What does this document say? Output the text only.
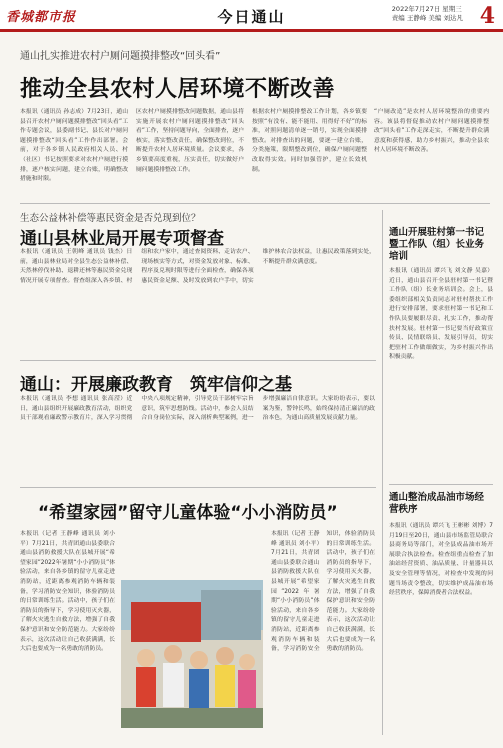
香城都市报	今日通山	2022年7月27日 星期三
责编 王静峰 美编 刘达凡 4
通山扎实推进农村户厕问题摸排整改“回头看”
推动全县农村人居环境不断改善
本报讯（通讯员 孙志成）7月23日，通山县召开农村户厕问题摸排整改“回头看”工作专题会议，县委副书记、县长对户厕问题摸排整改“回头看”工作作出部署。会前，对于各乡镇人民政府相关人员、村（社区）书记按照要求对农村户厕进行摸排，逐户核实问题，建立台账，明确整改措施和时限。
区农村户厕摸排整改问题数据，通山县将实施开展农村户厕问题摸排整改“回头看”工作，坚持问题导向，全面排查，逐户核实，落实整改责任，确保整改到位，不断提升农村人居环境质量。会议要求，各乡镇要高度重视，压实责任，切实做好户厕问题摸排整改工作。
根据农村户厕摸排整改工作计划，各乡镇要按照“有没有、能不能用、用得好不好”的标准，对照问题清单逐一销号，实现全面摸排整改。对排查出的问题，要逐一建立台账，分类施策，限期整改到位，确保户厕问题整改取得实效。同时加强管护，建立长效机制。
“户厕改造”是农村人居环境整治的重要内容。该县将督促推动农村户厕问题摸排整改“回头看”工作走深走实，不断提升群众满意度和获得感，助力乡村振兴，推动全县农村人居环境不断改善。
生态公益林补偿等惠民资金是否兑现到位？
通山县林业局开展专项督查
本报讯（通讯员 王朝峰 通讯员 钱杰）日前，通山县林业局对全县生态公益林补偿、天然林停伐补助、退耕还林等惠民资金兑现情况开展专项督查。督查组深入各乡镇、村组和农户家中，通过查阅资料、走访农户、现场核实等方式，对资金发放对象、标准、程序及兑现时限等进行全面检查，确保各项惠民资金足额、及时发放到农户手中，切实维护林农合法权益，让惠民政策落到实处，不断提升群众满意度。
通山：开展廉政教育　筑牢信仰之基
本报讯（通讯员 李想 通讯员 张高滢）近日，通山县组织开展廉政教育活动，组织党员干部观看廉政警示教育片，深入学习贯彻中央八项规定精神，引导党员干部树牢宗旨意识，筑牢思想防线。活动中，参会人员结合自身岗位实际，深入剖析典型案例，进一步增强廉洁自律意识。大家纷纷表示，要以案为鉴，警钟长鸣，始终保持清正廉洁的政治本色，为通山高质量发展贡献力量。
“希望家园”留守儿童体验“小小消防员”
本报讯（记者 王静峰 通讯员 刘小平）7月21日，共青团通山县委联合通山县消防救援大队在县城开展“希望家园”2022年暑期“小小消防员”体验活动，来自各乡镇的留守儿童走进消防站，近距离参观消防车辆和装备，学习消防安全知识，体验消防员的日常训练生活。活动中，孩子们在消防员的指导下，学习使用灭火器，了解火灾逃生自救方法，增强了自我保护意识和安全防范能力。大家纷纷表示，这次活动让自己收获满满，长大后也要成为一名勇敢的消防员。
本报讯（记者 王静峰 通讯员 刘小平）7月21日，共青团通山县委联合通山县消防救援大队在县城开展“希望家园”2022年暑期“小小消防员”体验活动，来自各乡镇的留守儿童走进消防站，近距离参观消防车辆和装备，学习消防安全知识，体验消防员的日常训练生活。活动中，孩子们在消防员的指导下，学习使用灭火器，了解火灾逃生自救方法，增强了自我保护意识和安全防范能力。大家纷纷表示，这次活动让自己收获满满，长大后也要成为一名勇敢的消防员。
通山开展驻村第一书记暨工作队（组）长业务培训
本报讯（通讯员 谭兴飞 刘文静 吴嘉） 近日，通山县召开全县驻村第一书记暨工作队（组）长业务培训会。会上，县委组织部相关负责同志对驻村帮扶工作进行安排部署，要求驻村第一书记和工作队员要履职尽责、扎实工作，推动帮扶村发展。驻村第一书记要当好政策宣传员、民情联络员、发展引导员，切实把驻村工作做细做实，为乡村振兴作出积极贡献。
通山整治成品油市场经营秩序
本报讯（通讯员 谭兴飞 王彬彬 刘博）7月19日至20日，通山县市场监管局联合县商务局等部门，对全县成品油市场开展联合执法检查。检查组重点检查了加油站经营资质、油品质量、计量器具以及安全管理等情况，对检查中发现的问题当场责令整改，切实维护成品油市场经营秩序，保障消费者合法权益。
